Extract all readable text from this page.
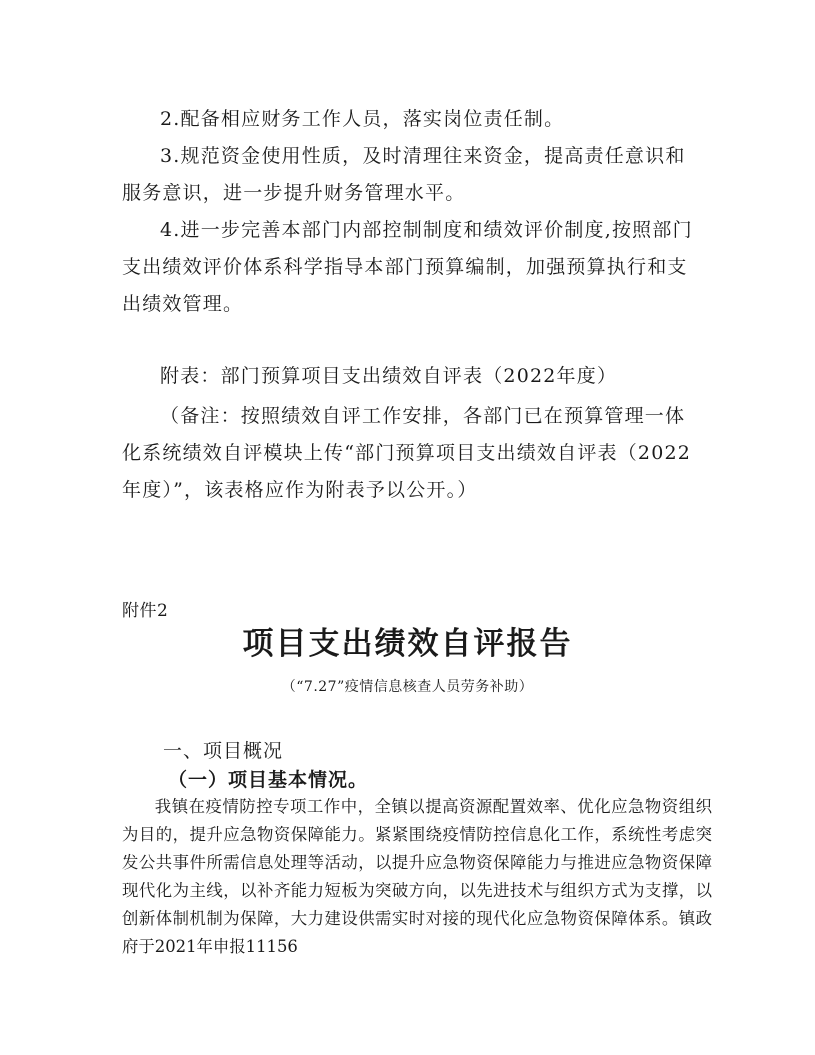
2.配备相应财务工作人员，落实岗位责任制。

3.规范资金使用性质，及时清理往来资金，提高责任意识和服务意识，进一步提升财务管理水平。

4.进一步完善本部门内部控制制度和绩效评价制度,按照部门支出绩效评价体系科学指导本部门预算编制，加强预算执行和支出绩效管理。

附表：部门预算项目支出绩效自评表（2022年度）

（备注：按照绩效自评工作安排，各部门已在预算管理一体化系统绩效自评模块上传“部门预算项目支出绩效自评表（2022年度）”，该表格应作为附表予以公开。）

附件2
项目支出绩效自评报告
（“7.27”疫情信息核查人员劳务补助）
一、项目概况
（一）项目基本情况。
我镇在疫情防控专项工作中，全镇以提高资源配置效率、优化应急物资组织为目的，提升应急物资保障能力。紧紧围绕疫情防控信息化工作，系统性考虑突发公共事件所需信息处理等活动，以提升应急物资保障能力与推进应急物资保障现代化为主线，以补齐能力短板为突破方向，以先进技术与组织方式为支撑，以创新体制机制为保障，大力建设供需实时对接的现代化应急物资保障体系。镇政府于2021年申报11156
